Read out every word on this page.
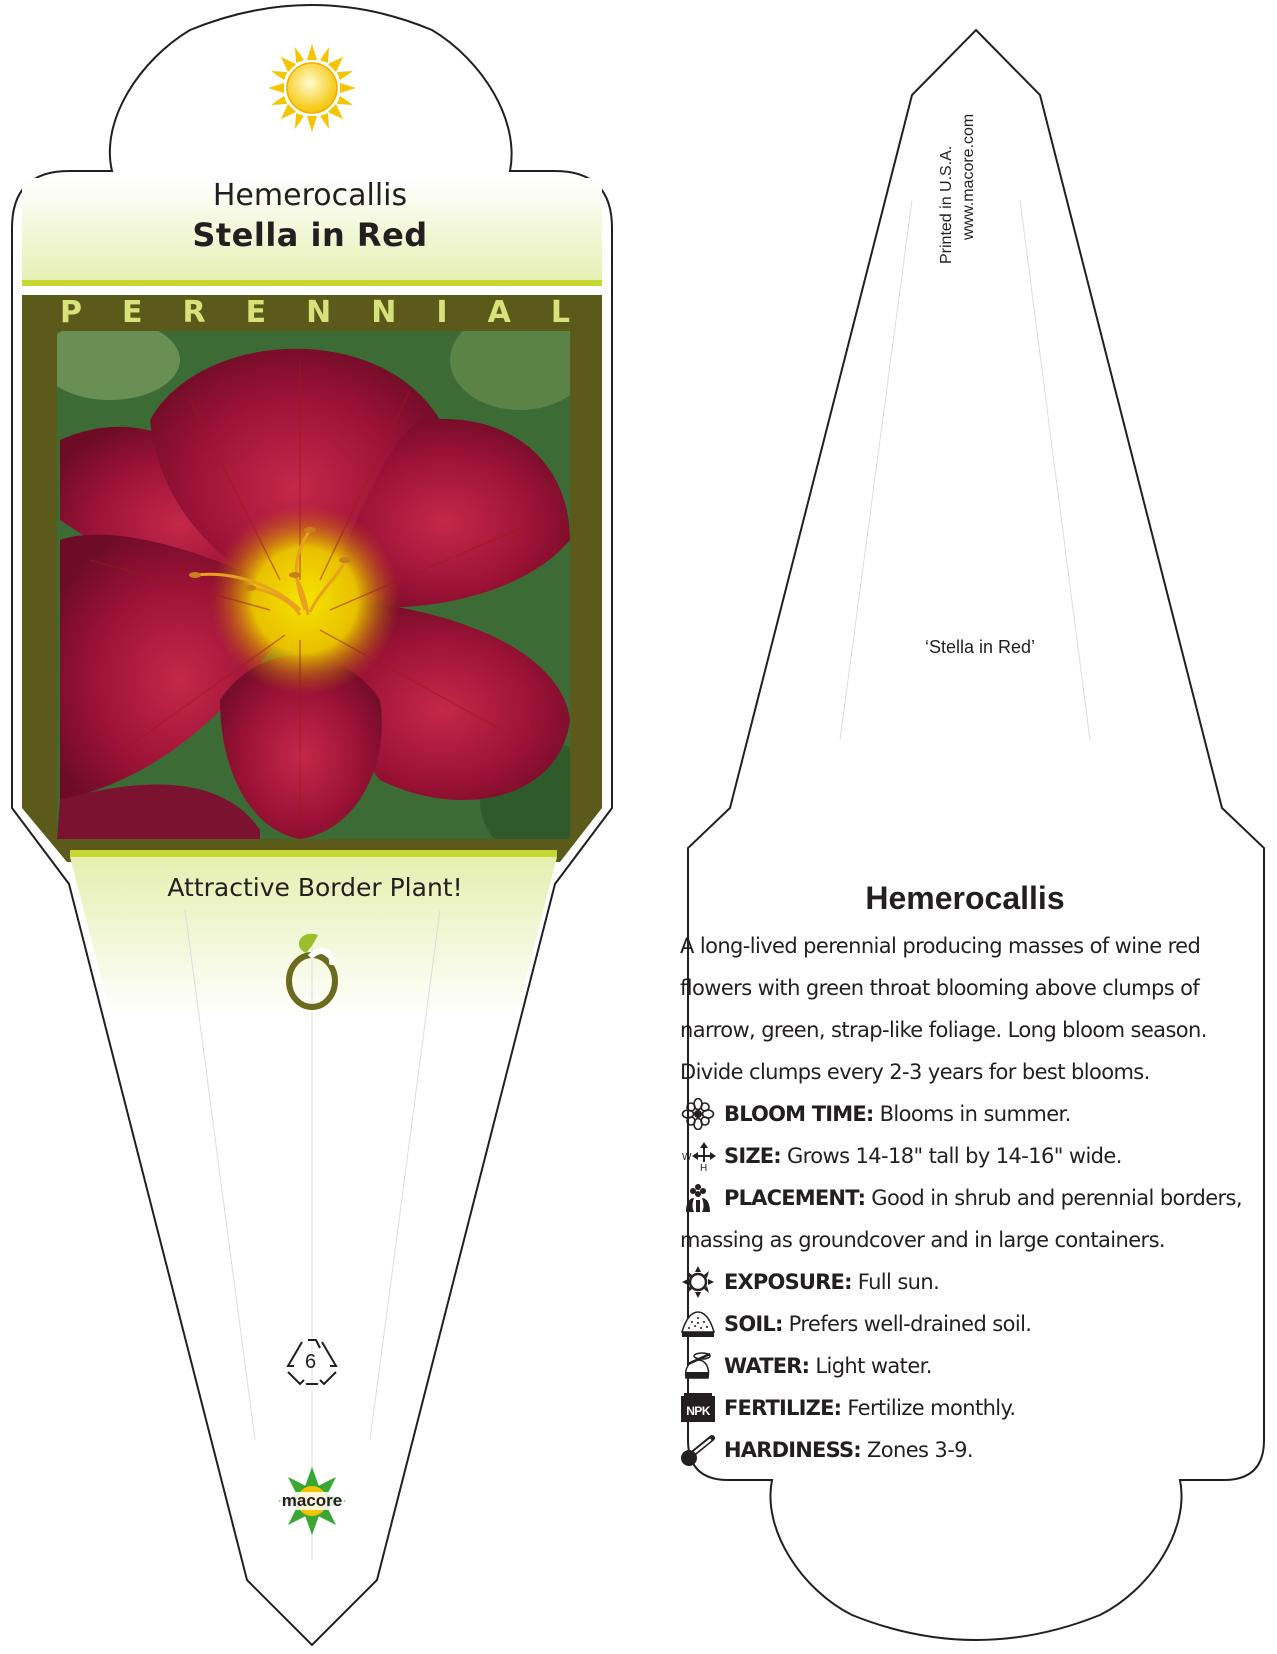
Hemerocallis
Stella in Red
P E R E N N I A L
Attractive Border Plant!
6
macore
Printed in U.S.A. www.macore.com
‘Stella in Red’
Hemerocallis
A long-lived perennial producing masses of wine red flowers with green throat blooming above clumps of narrow, green, strap-like foliage. Long bloom season. Divide clumps every 2-3 years for best blooms.
BLOOM TIME: Blooms in summer.
W
H
SIZE: Grows 14-18" tall by 14-16" wide.
PLACEMENT: Good in shrub and perennial borders,
massing as groundcover and in large containers.
EXPOSURE: Full sun.
SOIL: Prefers well-drained soil.
WATER: Light water.
NPK FERTILIZE: Fertilize monthly.
HARDINESS: Zones 3-9.
